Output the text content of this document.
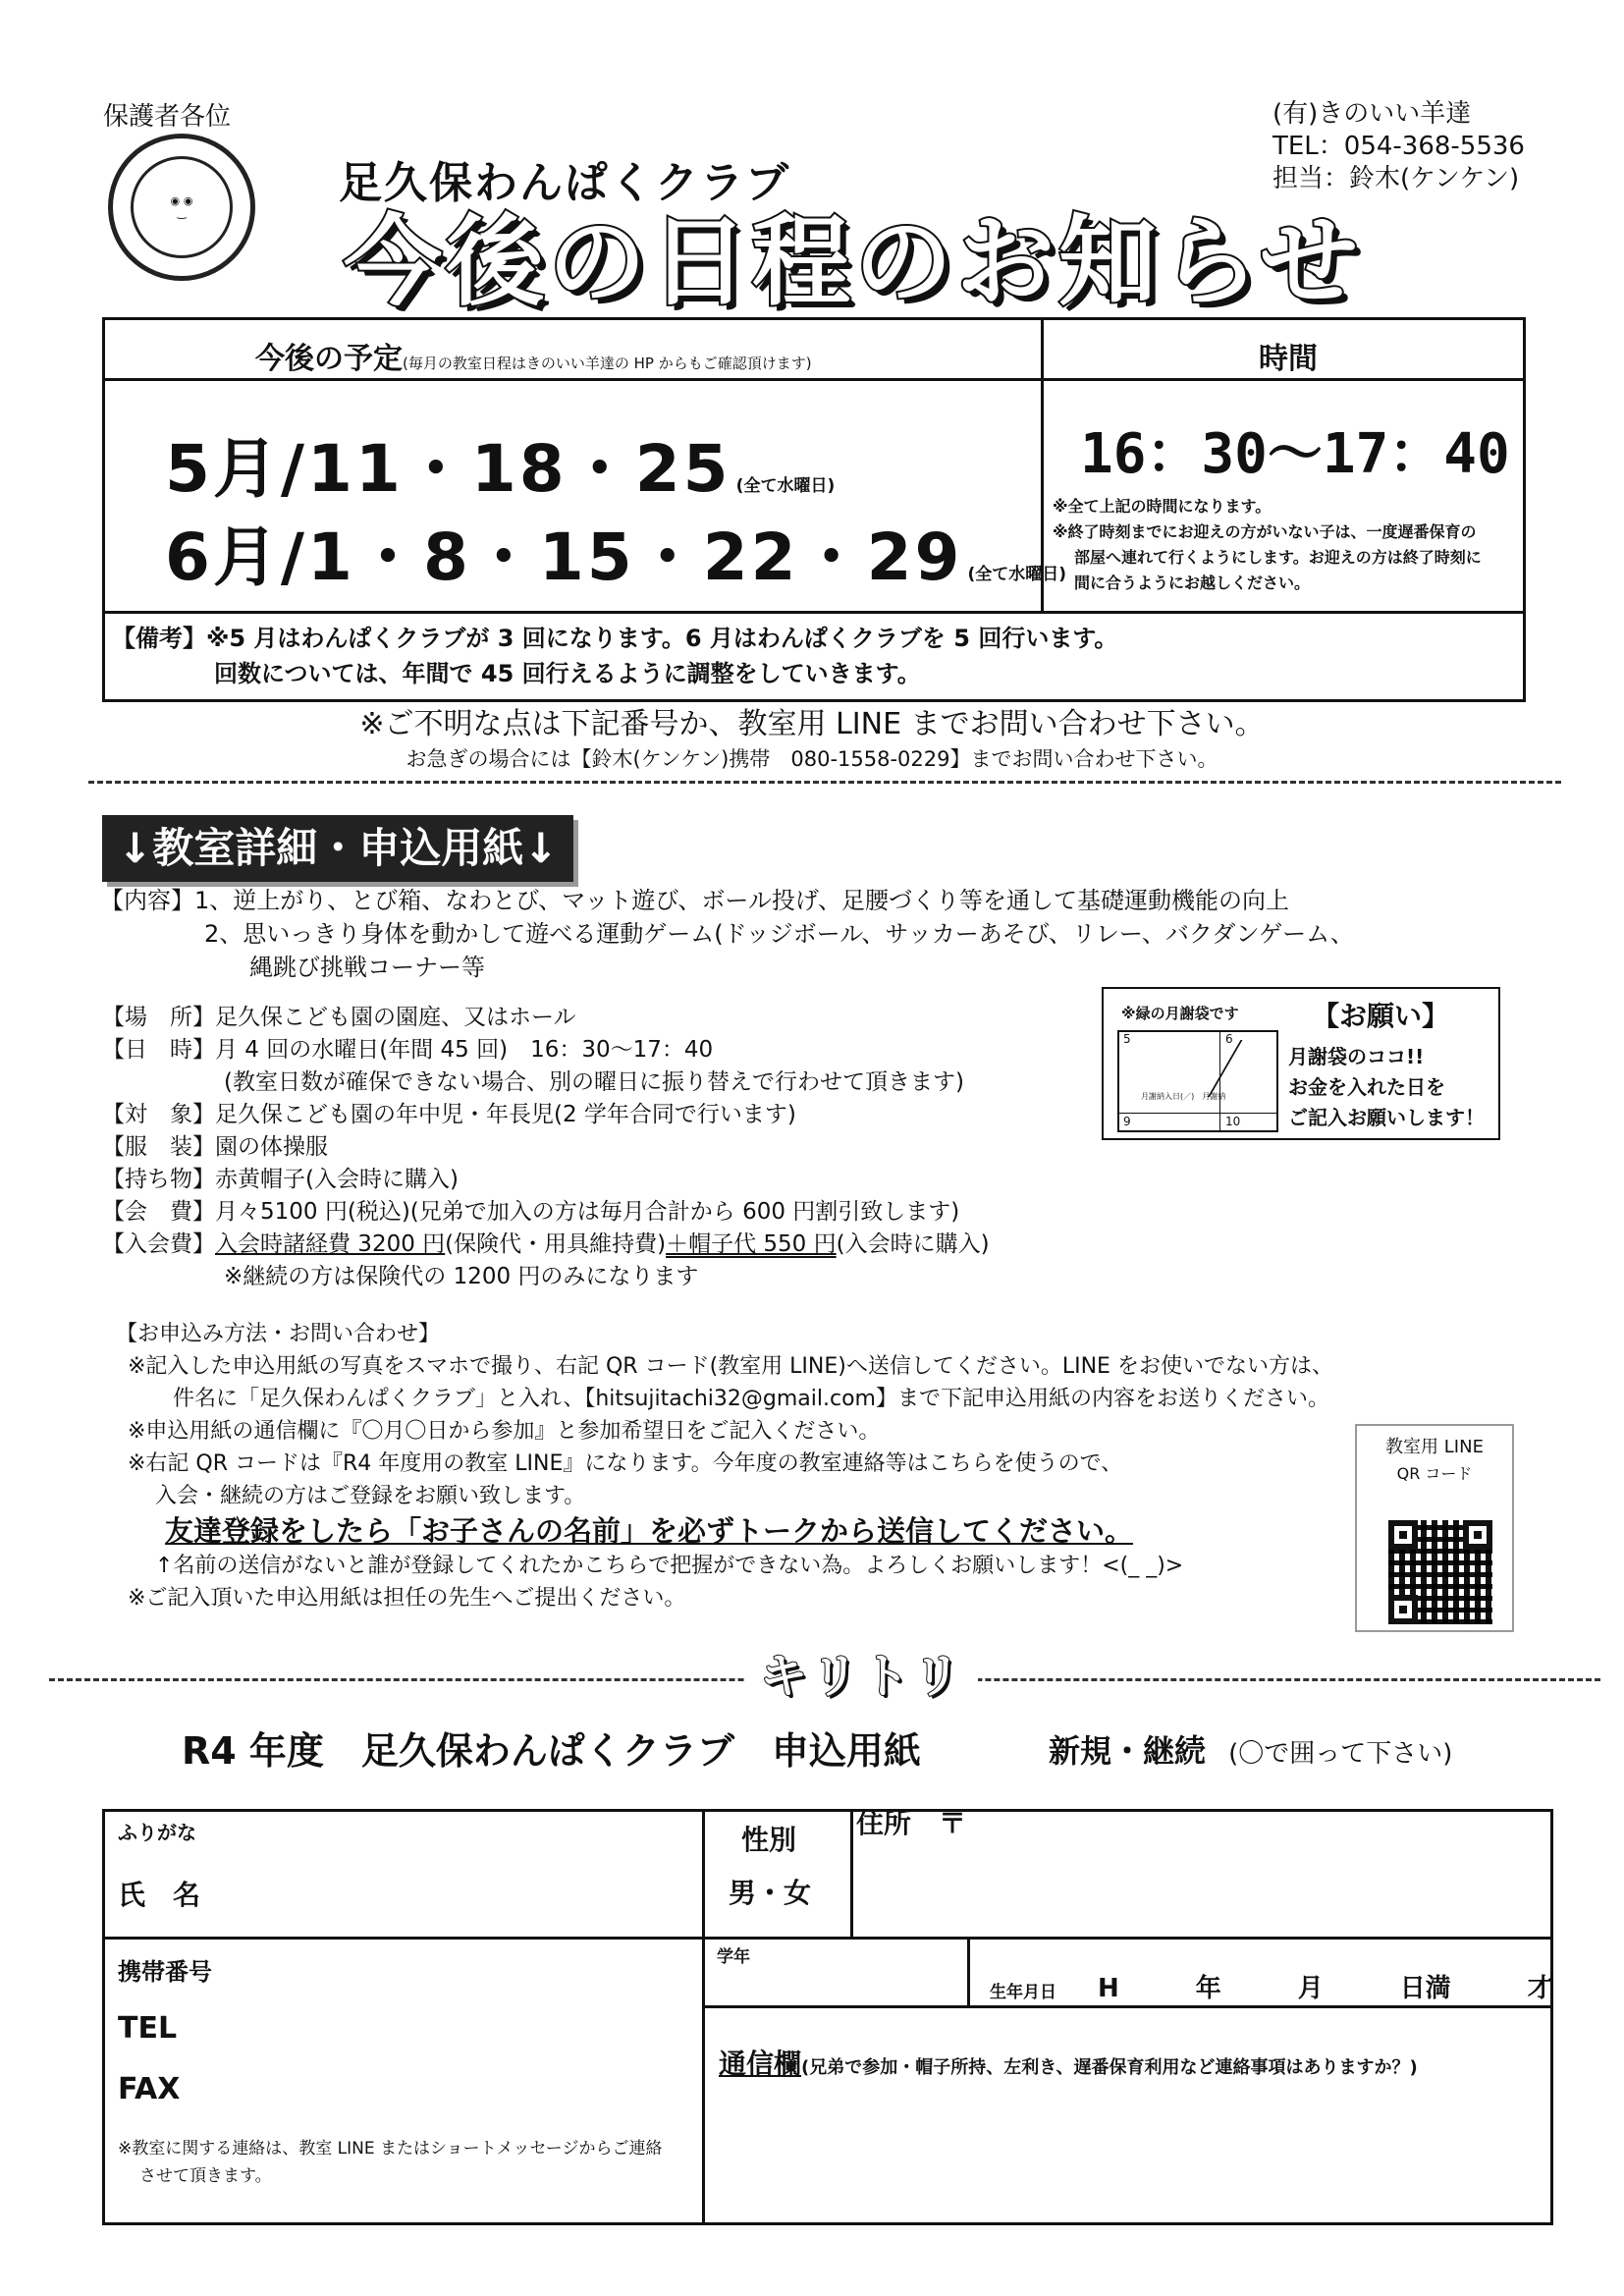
保護者各位
◉ ◉
‿
足久保わんぱくクラブ
今後の日程のお知らせ
(有)きのいい羊達
TEL：054-368-5536
担当：鈴木(ケンケン)
今後の予定(毎月の教室日程はきのいい羊達の HP からもご確認頂けます)	時間
5月/11・18・25 (全て水曜日)
6月/1・8・15・22・29 (全て水曜日)
16：30〜17：40
※全て上記の時間になります。
※終了時刻までにお迎えの方がいない子は、一度遅番保育の
部屋へ連れて行くようにします。お迎えの方は終了時刻に
間に合うようにお越しください。
【備考】※5 月はわんぱくクラブが 3 回になります。6 月はわんぱくクラブを 5 回行います。
回数については、年間で 45 回行えるように調整をしていきます。
※ご不明な点は下記番号か、教室用 LINE までお問い合わせ下さい。
お急ぎの場合には【鈴木(ケンケン)携帯　080-1558-0229】までお問い合わせ下さい。
↓教室詳細・申込用紙↓
【内容】1、逆上がり、とび箱、なわとび、マット遊び、ボール投げ、足腰づくり等を通して基礎運動機能の向上
2、思いっきり身体を動かして遊べる運動ゲーム(ドッジボール、サッカーあそび、リレー、バクダンゲーム、
縄跳び挑戦コーナー等
【場　所】足久保こども園の園庭、又はホール
【日　時】月 4 回の水曜日(年間 45 回)　16：30〜17：40
(教室日数が確保できない場合、別の曜日に振り替えで行わせて頂きます)
【対　象】足久保こども園の年中児・年長児(2 学年合同で行います)
【服　装】園の体操服
【持ち物】赤黄帽子(入会時に購入)
【会　費】月々5100 円(税込)(兄弟で加入の方は毎月合計から 600 円割引致します)
【入会費】入会時諸経費 3200 円(保険代・用具維持費)＋帽子代 550 円(入会時に購入)
※継続の方は保険代の 1200 円のみになります
※緑の月謝袋です	【お願い】
5	6
9	10
月謝納入日(／)　月謝納
月謝袋のココ!!
お金を入れた日を
ご記入お願いします！
【お申込み方法・お問い合わせ】
※記入した申込用紙の写真をスマホで撮り、右記 QR コード(教室用 LINE)へ送信してください。LINE をお使いでない方は、
件名に「足久保わんぱくクラブ」と入れ、【hitsujitachi32@gmail.com】まで下記申込用紙の内容をお送りください。
※申込用紙の通信欄に『〇月〇日から参加』と参加希望日をご記入ください。
※右記 QR コードは『R4 年度用の教室 LINE』になります。今年度の教室連絡等はこちらを使うので、
入会・継続の方はご登録をお願い致します。
友達登録をしたら「お子さんの名前」を必ずトークから送信してください。
↑名前の送信がないと誰が登録してくれたかこちらで把握ができない為。よろしくお願いします！<(_ _)>
※ご記入頂いた申込用紙は担任の先生へご提出ください。
教室用 LINE
QR コード
キリトリ
R4 年度　足久保わんぱくクラブ　申込用紙	新規・継続 (〇で囲って下さい)
ふりがな
氏　名
性別
男・女
住所　〒
携帯番号
TEL
FAX
※教室に関する連絡は、教室 LINE またはショートメッセージからご連絡
させて頂きます。
学年
生年月日 H　　　年　　　月　　　日満　　　才
通信欄(兄弟で参加・帽子所持、左利き、遅番保育利用など連絡事項はありますか？)
